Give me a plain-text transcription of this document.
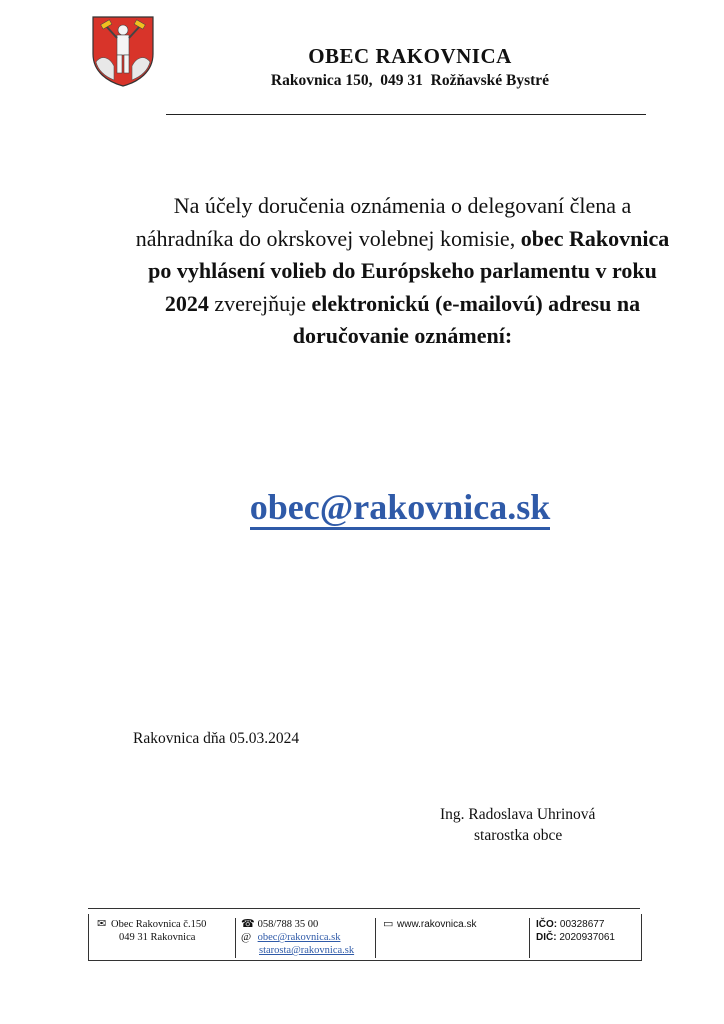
OBEC RAKOVNICA
Rakovnica 150,  049 31  Rožňavské Bystré
Na účely doručenia oznámenia o delegovaní člena a náhradníka do okrskovej volebnej komisie, obec Rakovnica po vyhlásení volieb do Európskeho parlamentu v roku 2024 zverejňuje elektronickú (e-mailovú) adresu na doručovanie oznámení:
obec@rakovnica.sk
Rakovnica dňa 05.03.2024
Ing. Radoslava Uhrinová
starostka obce
✉ Obec Rakovnica č.150
049 31 Rakovnica
☎ 058/788 35 00
@ obec@rakovnica.sk
starosta@rakovnica.sk
▭ www.rakovnica.sk	IČO: 00328677
DIČ: 2020937061
